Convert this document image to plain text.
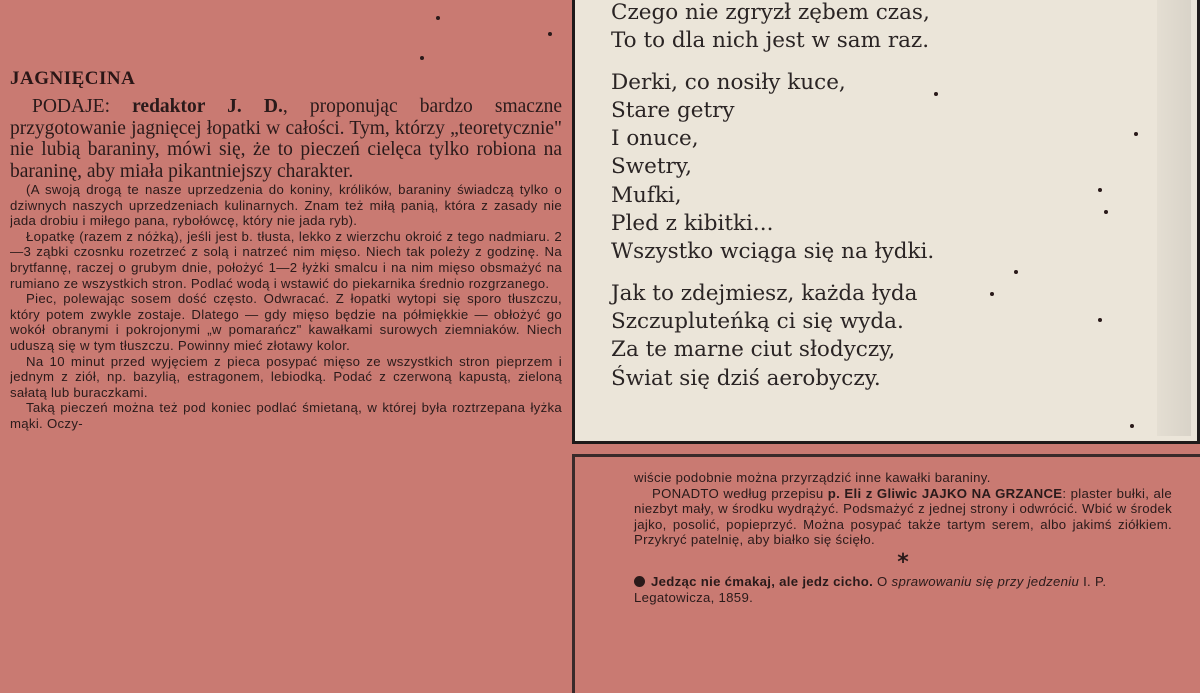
JAGNIĘCINA

PODAJE: redaktor J. D., proponując bardzo smaczne przygotowanie jagnięcej łopatki w całości. Tym, którzy „teoretycznie" nie lubią baraniny, mówi się, że to pieczeń cielęca tylko robiona na baraninę, aby miała pikantniejszy charakter.

(A swoją drogą te nasze uprzedzenia do koniny, królików, baraniny świadczą tylko o dziwnych naszych uprzedzeniach kulinarnych. Znam też miłą panią, która z zasady nie jada drobiu i miłego pana, rybołówcę, który nie jada ryb).

Łopatkę (razem z nóżką), jeśli jest b. tłusta, lekko z wierzchu okroić z tego nadmiaru. 2—3 ząbki czosnku rozetrzeć z solą i natrzeć nim mięso. Niech tak poleży z godzinę. Na brytfannę, raczej o grubym dnie, położyć 1—2 łyżki smalcu i na nim mięso obsmażyć na rumiano ze wszystkich stron. Podlać wodą i wstawić do piekarnika średnio rozgrzanego.

Piec, polewając sosem dość często. Odwracać. Z łopatki wytopi się sporo tłuszczu, który potem zwykle zostaje. Dlatego — gdy mięso będzie na półmiękkie — obłożyć go wokół obranymi i pokrojonymi „w pomarańcz" kawałkami surowych ziemniaków. Niech uduszą się w tym tłuszczu. Powinny mieć złotawy kolor.

Na 10 minut przed wyjęciem z pieca posypać mięso ze wszystkich stron pieprzem i jednym z ziół, np. bazylią, estragonem, lebiodką. Podać z czerwoną kapustą, zieloną sałatą lub buraczkami.

Taką pieczeń można też pod koniec podlać śmietaną, w której była roztrzepana łyżka mąki. Oczy-

Czego nie zgryzł zębem czas,
To to dla nich jest w sam raz.
Derki, co nosiły kuce,
Stare getry
I onuce,
Swetry,
Mufki,
Pled z kibitki...
Wszystko wciąga się na łydki.
Jak to zdejmiesz, każda łyda
Szczupluteńką ci się wyda.
Za te marne ciut słodyczy,
Świat się dziś aerobyczy.

wiście podobnie można przyrządzić inne kawałki baraniny.

PONADTO według przepisu p. Eli z Gliwic JAJKO NA GRZANCE: plaster bułki, ale niezbyt mały, w środku wydrążyć. Podsmażyć z jednej strony i odwrócić. Wbić w środek jajko, posolić, popieprzyć. Można posypać także tartym serem, albo jakimś ziółkiem. Przykryć patelnię, aby białko się ścięło.

*

Jedząc nie ćmakaj, ale jedz cicho. O sprawowaniu się przy jedzeniu I. P. Legatowicza, 1859.
